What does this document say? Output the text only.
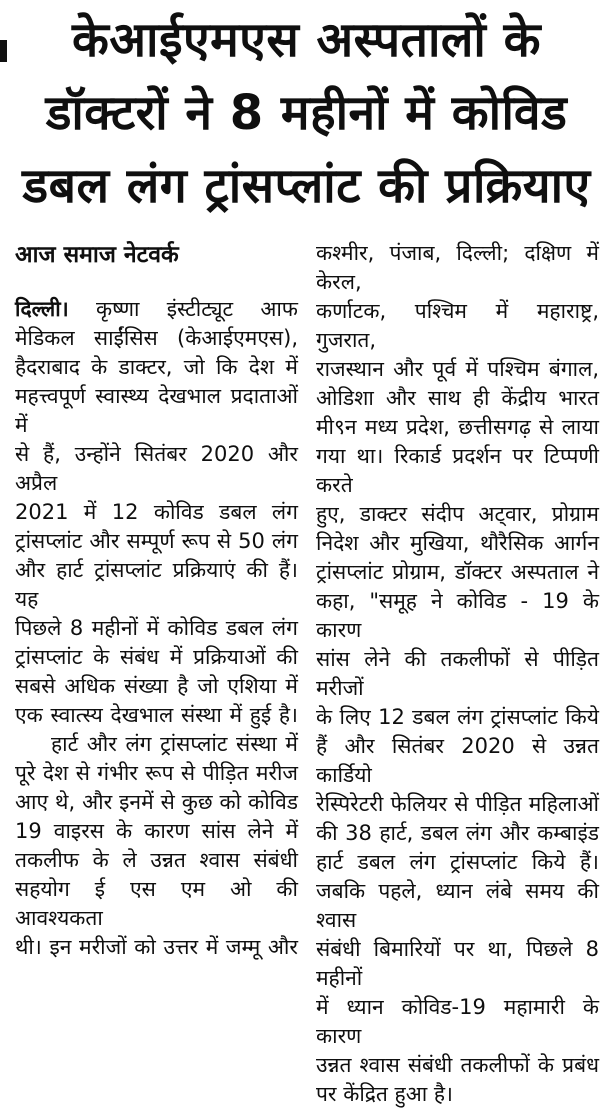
केआईएमएस अस्पतालों के
डॉक्टरों ने 8 महीनों में कोविड
डबल लंग ट्रांसप्लांट की प्रक्रियाए
आज समाज नेटवर्क
दिल्ली। कृष्णा इंस्टीट्यूट आफ
मेडिकल साईंसिस (केआईएमएस),
हैदराबाद के डाक्टर, जो कि देश में
महत्त्वपूर्ण स्वास्थ्य देखभाल प्रदाताओं में
से हैं, उन्होंने सितंबर 2020 और अप्रैल
2021 में 12 कोविड डबल लंग
ट्रांसप्लांट और सम्पूर्ण रूप से 50 लंग
और हार्ट ट्रांसप्लांट प्रक्रियाएं की हैं। यह
पिछले 8 महीनों में कोविड डबल लंग
ट्रांसप्लांट के संबंध में प्रक्रियाओं की
सबसे अधिक संख्या है जो एशिया में
एक स्वात्स्य देखभाल संस्था में हुई है।
हार्ट और लंग ट्रांसप्लांट संस्था में
पूरे देश से गंभीर रूप से पीड़ित मरीज
आए थे, और इनमें से कुछ को कोविड
19 वाइरस के कारण सांस लेने में
तकलीफ के ले उन्नत श्वास संबंधी
सहयोग ई एस एम ओ की आवश्यकता
थी। इन मरीजों को उत्तर में जम्मू और
कश्मीर, पंजाब, दिल्ली; दक्षिण में केरल,
कर्णाटक, पश्चिम में महाराष्ट्र, गुजरात,
राजस्थान और पूर्व में पश्चिम बंगाल,
ओडिशा और साथ ही केंद्रीय भारत
मी९न मध्य प्रदेश, छत्तीसगढ़ से लाया
गया था। रिकार्ड प्रदर्शन पर टिप्पणी करते
हुए, डाक्टर संदीप अट्वार, प्रोग्राम
निदेश और मुखिया, थौरैसिक आर्गन
ट्रांसप्लांट प्रोग्राम, डॉक्टर अस्पताल ने
कहा, "समूह ने कोविड - 19 के कारण
सांस लेने की तकलीफों से पीड़ित मरीजों
के लिए 12 डबल लंग ट्रांसप्लांट किये
हैं और सितंबर 2020 से उन्नत कार्डियो
रेस्पिरेटरी फेलियर से पीड़ित महिलाओं
की 38 हार्ट, डबल लंग और कम्बाइंड
हार्ट डबल लंग ट्रांसप्लांट किये हैं।
जबकि पहले, ध्यान लंबे समय की श्वास
संबंधी बिमारियों पर था, पिछले 8 महीनों
में ध्यान कोविड-19 महामारी के कारण
उन्नत श्वास संबंधी तकलीफों के प्रबंध
पर केंद्रित हुआ है।
